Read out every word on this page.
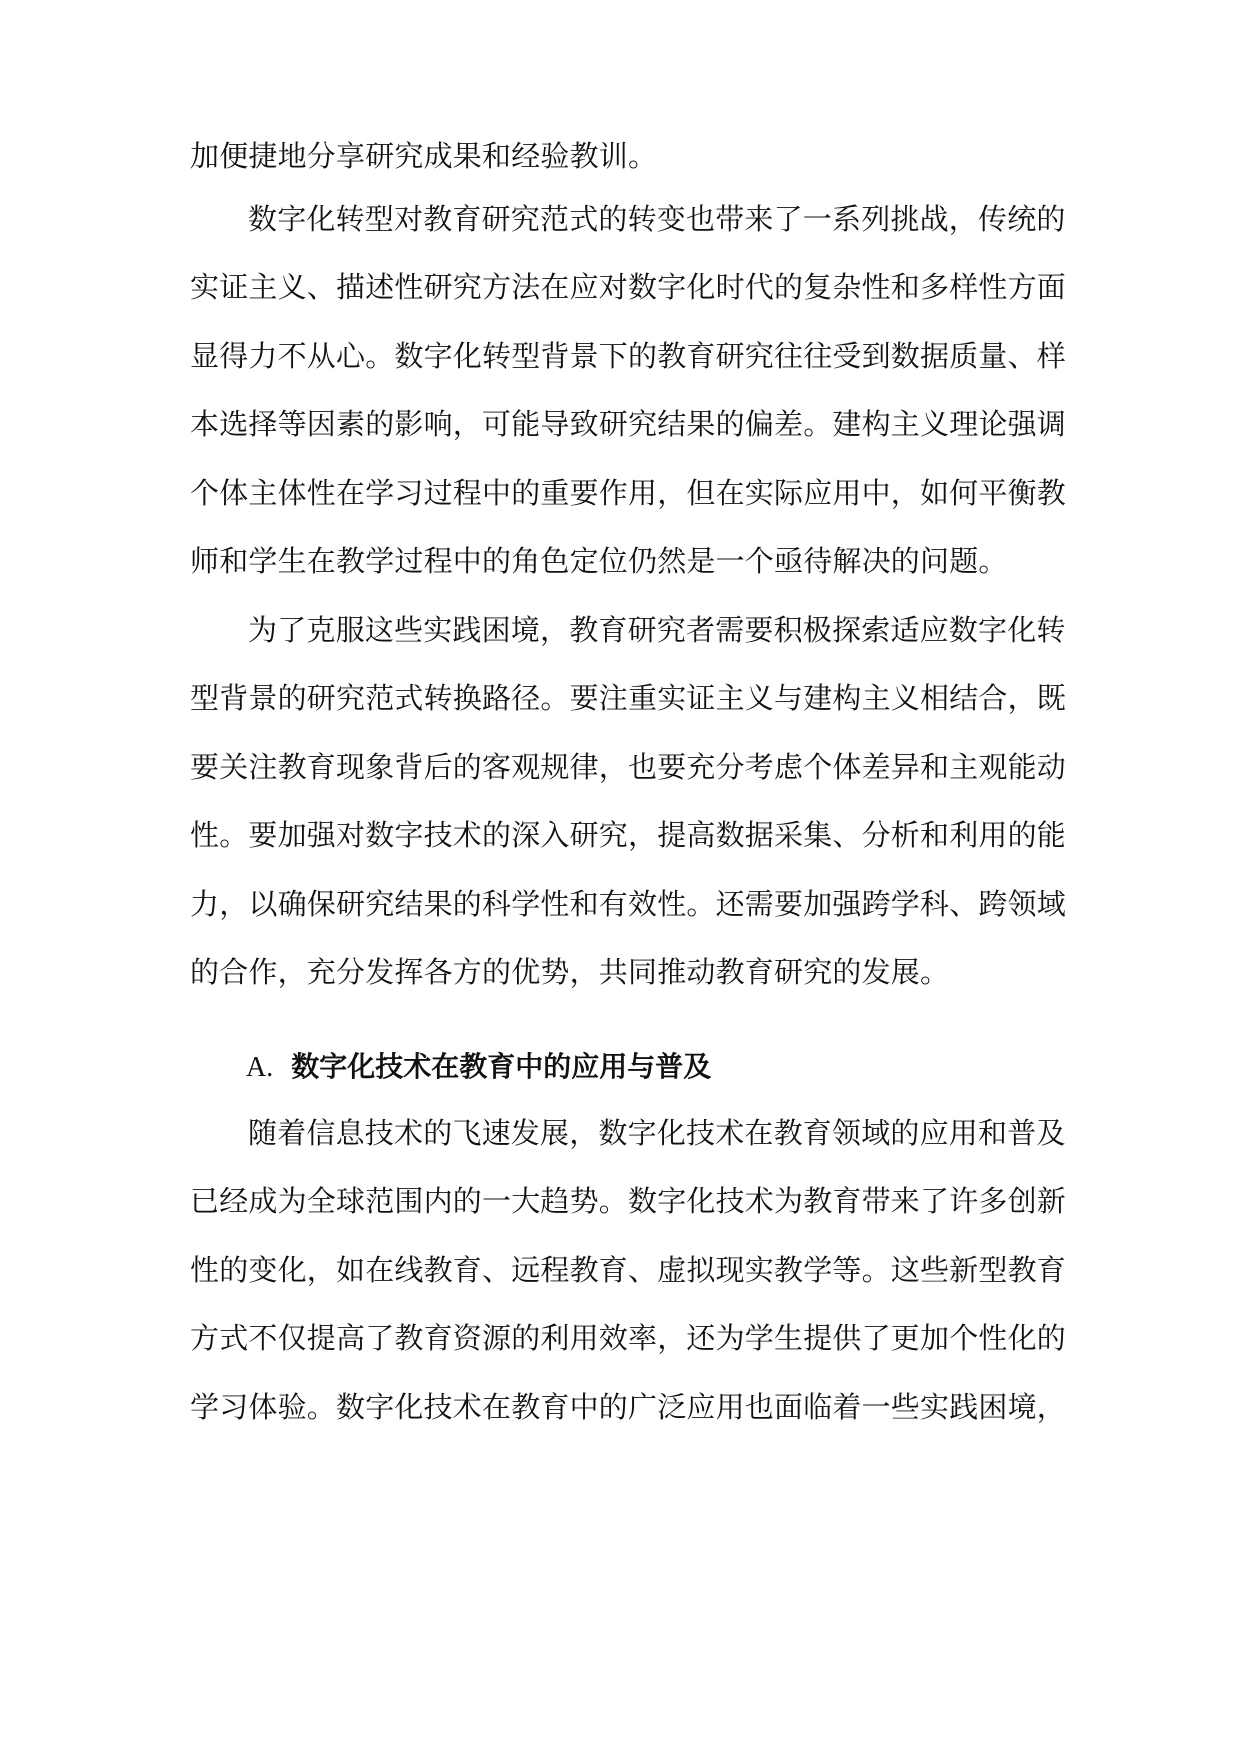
加便捷地分享研究成果和经验教训。
数字化转型对教育研究范式的转变也带来了一系列挑战，传统的
实证主义、描述性研究方法在应对数字化时代的复杂性和多样性方面
显得力不从心。数字化转型背景下的教育研究往往受到数据质量、样
本选择等因素的影响，可能导致研究结果的偏差。建构主义理论强调
个体主体性在学习过程中的重要作用，但在实际应用中，如何平衡教
师和学生在教学过程中的角色定位仍然是一个亟待解决的问题。
为了克服这些实践困境，教育研究者需要积极探索适应数字化转
型背景的研究范式转换路径。要注重实证主义与建构主义相结合，既
要关注教育现象背后的客观规律，也要充分考虑个体差异和主观能动
性。要加强对数字技术的深入研究，提高数据采集、分析和利用的能
力，以确保研究结果的科学性和有效性。还需要加强跨学科、跨领域
的合作，充分发挥各方的优势，共同推动教育研究的发展。
A. 数字化技术在教育中的应用与普及
随着信息技术的飞速发展，数字化技术在教育领域的应用和普及
已经成为全球范围内的一大趋势。数字化技术为教育带来了许多创新
性的变化，如在线教育、远程教育、虚拟现实教学等。这些新型教育
方式不仅提高了教育资源的利用效率，还为学生提供了更加个性化的
学习体验。数字化技术在教育中的广泛应用也面临着一些实践困境，
